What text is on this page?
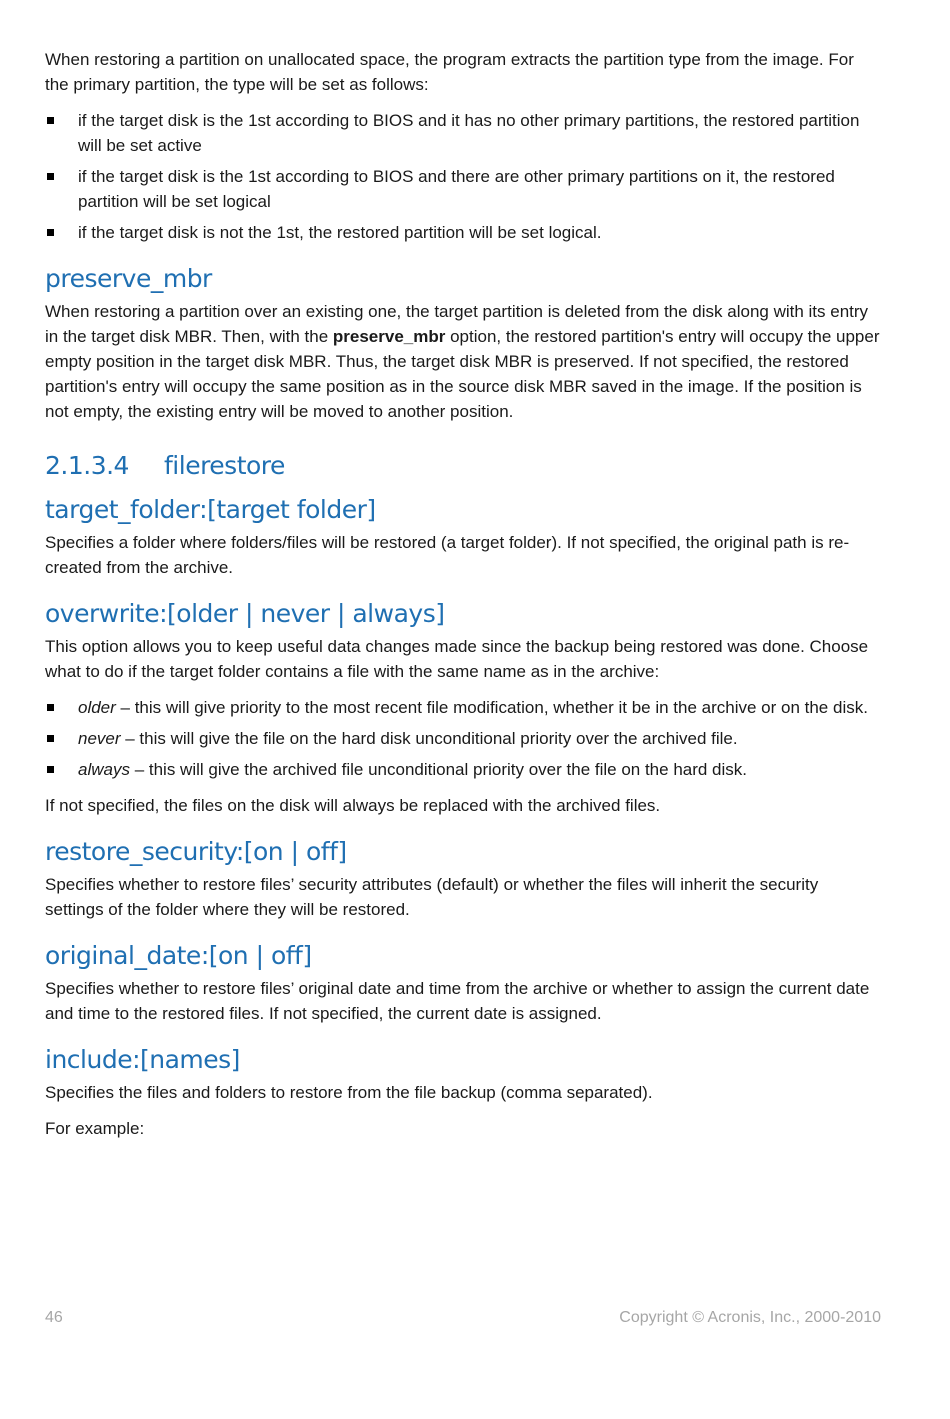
When restoring a partition on unallocated space, the program extracts the partition type from the image. For the primary partition, the type will be set as follows:

if the target disk is the 1st according to BIOS and it has no other primary partitions, the restored partition will be set active
if the target disk is the 1st according to BIOS and there are other primary partitions on it, the restored partition will be set logical
if the target disk is not the 1st, the restored partition will be set logical.
preserve_mbr

When restoring a partition over an existing one, the target partition is deleted from the disk along with its entry in the target disk MBR. Then, with the preserve_mbr option, the restored partition's entry will occupy the upper empty position in the target disk MBR. Thus, the target disk MBR is preserved. If not specified, the restored partition's entry will occupy the same position as in the source disk MBR saved in the image. If the position is not empty, the existing entry will be moved to another position.

2.1.3.4 filerestore
target_folder:[target folder]

Specifies a folder where folders/files will be restored (a target folder). If not specified, the original path is re-created from the archive.

overwrite:[older | never | always]

This option allows you to keep useful data changes made since the backup being restored was done. Choose what to do if the target folder contains a file with the same name as in the archive:

older – this will give priority to the most recent file modification, whether it be in the archive or on the disk.
never – this will give the file on the hard disk unconditional priority over the archived file.
always – this will give the archived file unconditional priority over the file on the hard disk.

If not specified, the files on the disk will always be replaced with the archived files.

restore_security:[on | off]

Specifies whether to restore files’ security attributes (default) or whether the files will inherit the security settings of the folder where they will be restored.

original_date:[on | off]

Specifies whether to restore files’ original date and time from the archive or whether to assign the current date and time to the restored files. If not specified, the current date is assigned.

include:[names]

Specifies the files and folders to restore from the file backup (comma separated).

For example:

46	Copyright © Acronis, Inc., 2000-2010
